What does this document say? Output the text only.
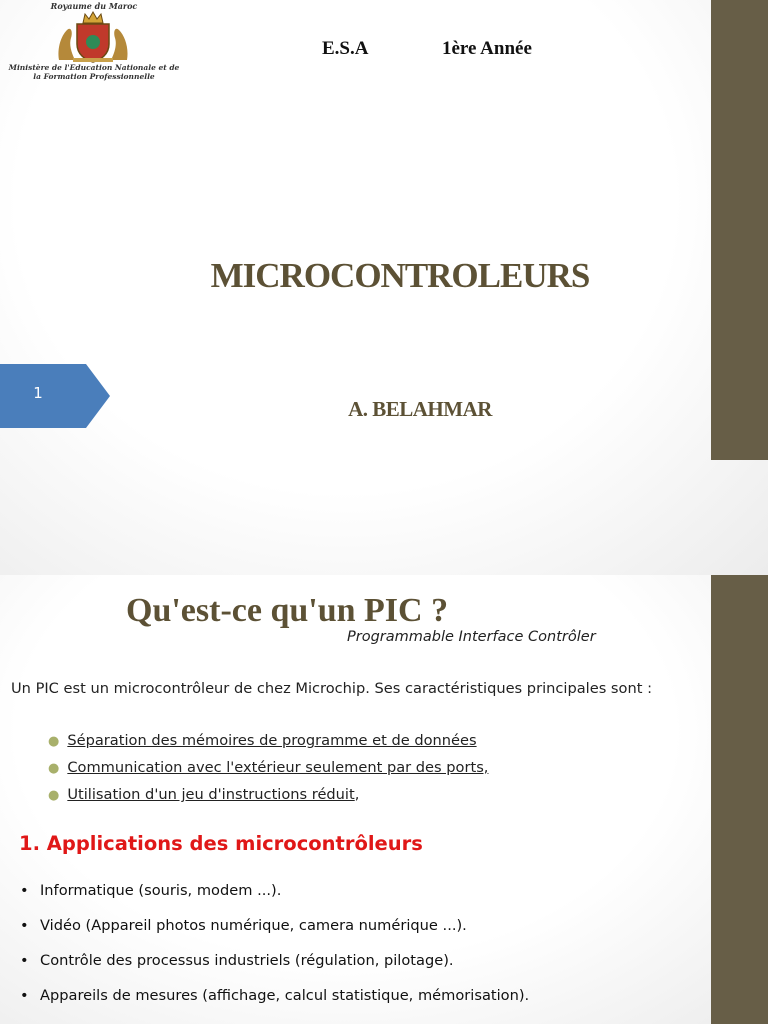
Royaume du Maroc
Ministère de l'Education Nationale et de
la Formation Professionnelle
E.S.A	1ère Année
MICROCONTROLEURS
1
A. BELAHMAR
Qu'est-ce qu'un PIC ?
Programmable Interface Contrôler
Un PIC est un microcontrôleur de chez Microchip. Ses caractéristiques principales sont :
● Séparation des mémoires de programme et de données
● Communication avec l'extérieur seulement par des ports,
● Utilisation d'un jeu d'instructions réduit,
1. Applications des microcontrôleurs
• Informatique (souris, modem ...).
• Vidéo (Appareil photos numérique, camera numérique ...).
• Contrôle des processus industriels (régulation, pilotage).
• Appareils de mesures (affichage, calcul statistique, mémorisation).
